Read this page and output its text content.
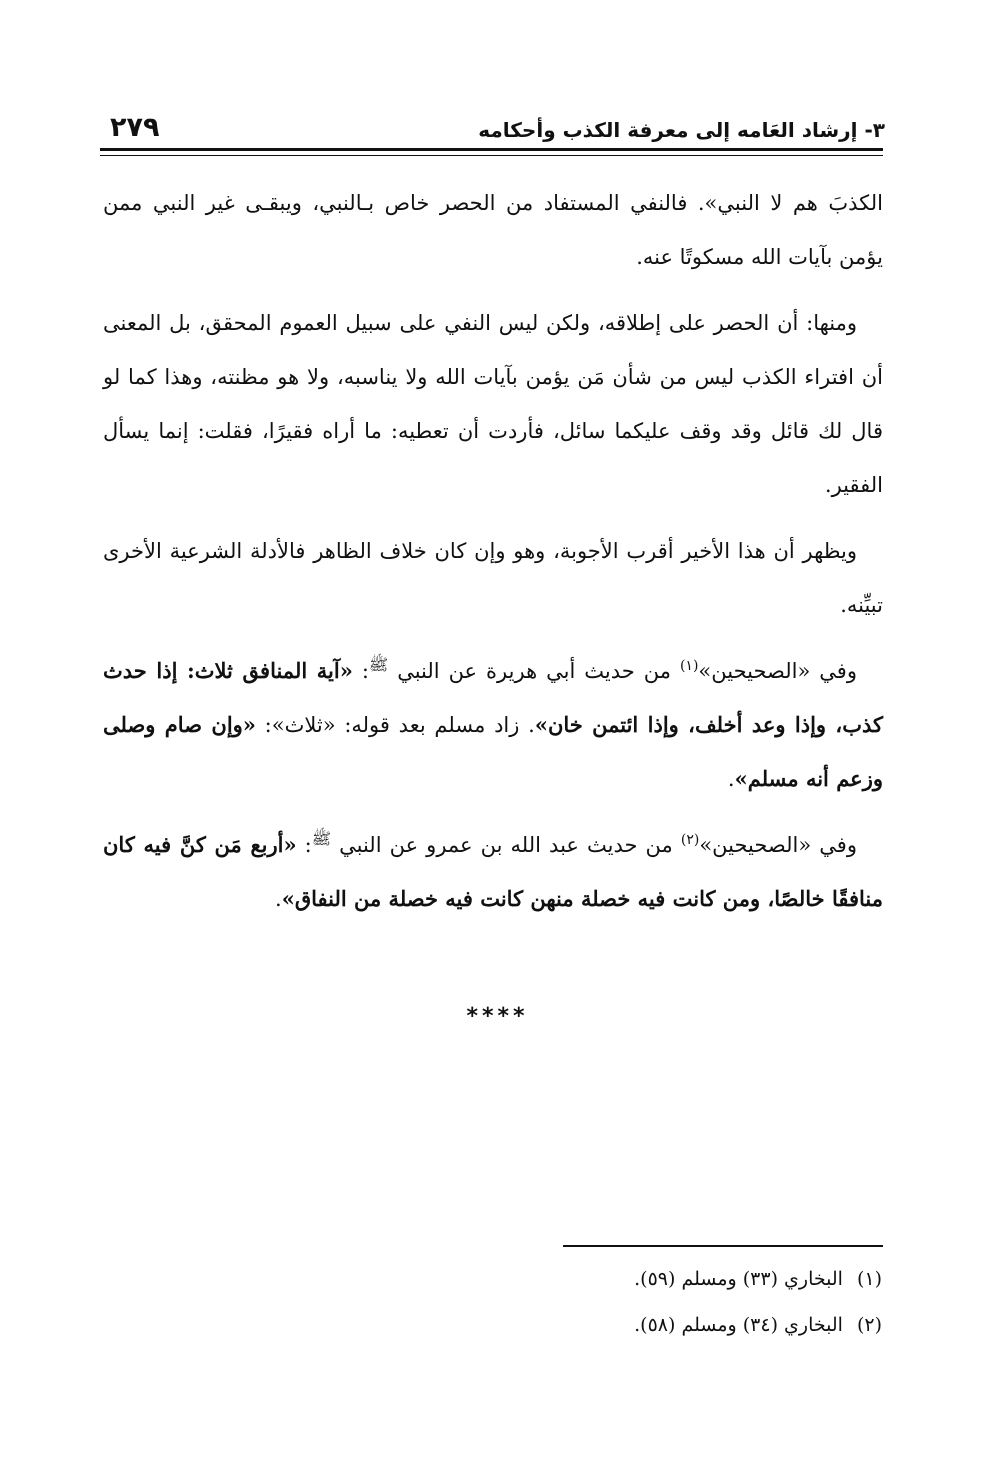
٣- إرشاد العَامه إلى معرفة الكذب وأحكامه
٢٧٩

الكذبَ هم لا النبي». فالنفي المستفاد من الحصر خاص بـالنبي، ويبقـى غير النبي ممن يؤمن بآيات الله مسكوتًا عنه.

ومنها: أن الحصر على إطلاقه، ولكن ليس النفي على سبيل العموم المحقق، بل المعنى أن افتراء الكذب ليس من شأن مَن يؤمن بآيات الله ولا يناسبه، ولا هو مظنته، وهذا كما لو قال لك قائل وقد وقف عليكما سائل، فأردت أن تعطيه: ما أراه فقيرًا، فقلت: إنما يسأل الفقير.

ويظهر أن هذا الأخير أقرب الأجوبة، وهو وإن كان خلاف الظاهر فالأدلة الشرعية الأخرى تبيِّنه.

وفي «الصحيحين»$^{(١)}$ من حديث أبي هريرة عن النبي $^ﷺ$: «آية المنافق ثلاث: إذا حدث كذب، وإذا وعد أخلف، وإذا ائتمن خان». زاد مسلم بعد قوله: «ثلاث»: «وإن صام وصلى وزعم أنه مسلم».

وفي «الصحيحين»$^{(٢)}$ من حديث عبد الله بن عمرو عن النبي $^ﷺ$: «أربع مَن كنَّ فيه كان منافقًا خالصًا، ومن كانت فيه خصلة منهن كانت فيه خصلة من النفاق».

****
(١)البخاري (٣٣) ومسلم (٥٩).
(٢)البخاري (٣٤) ومسلم (٥٨).
